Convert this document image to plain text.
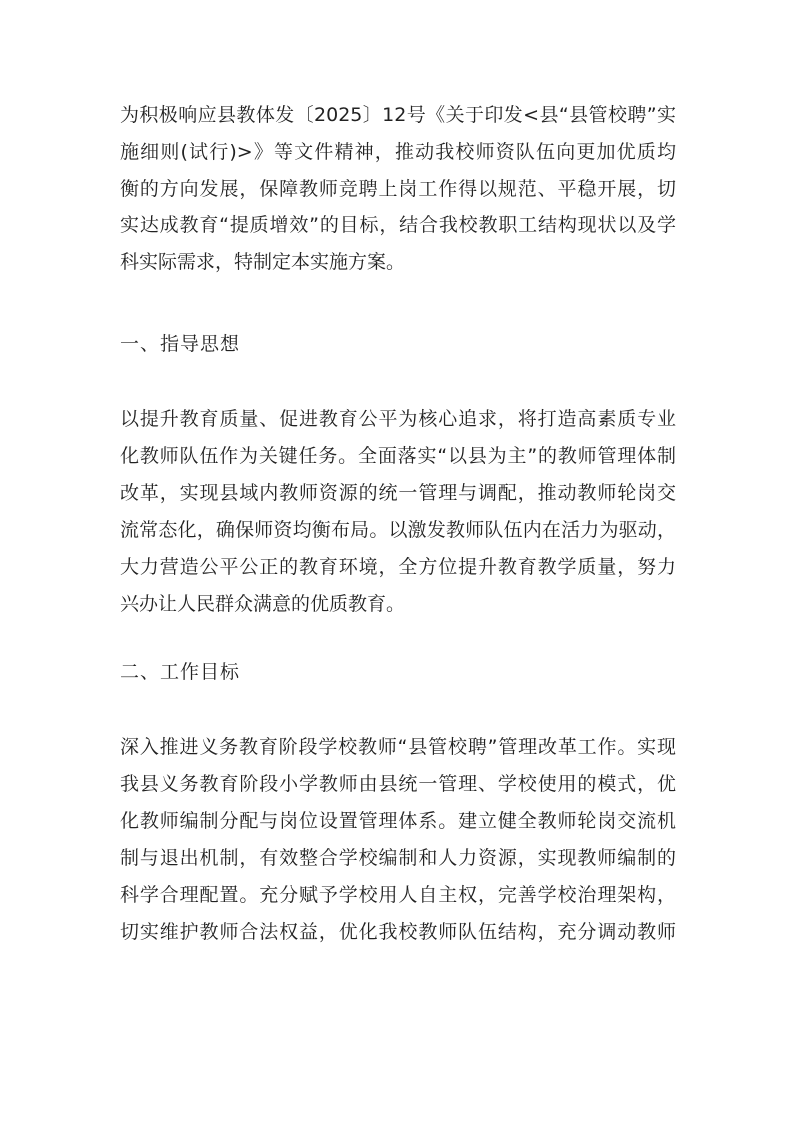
为积极响应县教体发〔2025〕12号《关于印发<县“县管校聘”实
施细则(试行)>》等文件精神，推动我校师资队伍向更加优质均
衡的方向发展，保障教师竞聘上岗工作得以规范、平稳开展，切
实达成教育“提质增效”的目标，结合我校教职工结构现状以及学
科实际需求，特制定本实施方案。
一、指导思想
以提升教育质量、促进教育公平为核心追求，将打造高素质专业
化教师队伍作为关键任务。全面落实“以县为主”的教师管理体制
改革，实现县域内教师资源的统一管理与调配，推动教师轮岗交
流常态化，确保师资均衡布局。以激发教师队伍内在活力为驱动，
大力营造公平公正的教育环境，全方位提升教育教学质量，努力
兴办让人民群众满意的优质教育。
二、工作目标
深入推进义务教育阶段学校教师“县管校聘”管理改革工作。实现
我县义务教育阶段小学教师由县统一管理、学校使用的模式，优
化教师编制分配与岗位设置管理体系。建立健全教师轮岗交流机
制与退出机制，有效整合学校编制和人力资源，实现教师编制的
科学合理配置。充分赋予学校用人自主权，完善学校治理架构，
切实维护教师合法权益，优化我校教师队伍结构，充分调动教师
